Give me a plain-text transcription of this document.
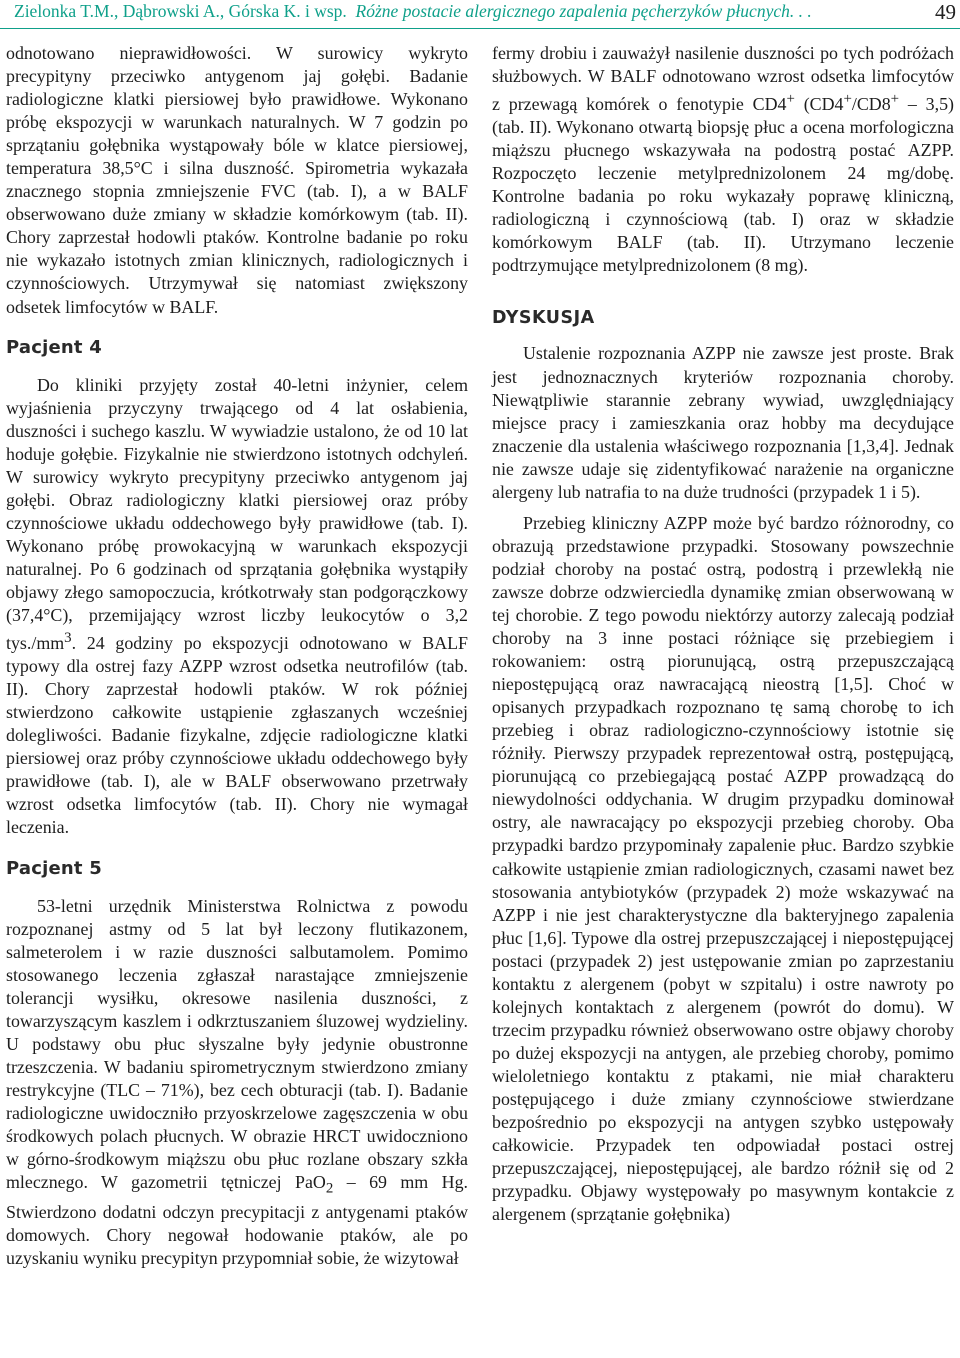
Zielonka T.M., Dąbrowski A., Górska K. i wsp. Różne postacie alergicznego zapalenia pęcherzyków płucnych. . .	49

odnotowano nieprawidłowości. W surowicy wykryto precypityny przeciwko antygenom jaj gołębi. Badanie radiologiczne klatki piersiowej było prawidłowe. Wykonano próbę ekspozycji w warunkach naturalnych. W 7 godzin po sprzątaniu gołębnika wystąpowały bóle w klatce piersiowej, temperatura 38,5°C i silna duszność. Spirometria wykazała znacznego stopnia zmniejszenie FVC (tab. I), a w BALF obserwowano duże zmiany w składzie komórkowym (tab. II). Chory zaprzestał hodowli ptaków. Kontrolne badanie po roku nie wykazało istotnych zmian klinicznych, radiologicznych i czynnościowych. Utrzymywał się natomiast zwiększony odsetek limfocytów w BALF.

Pacjent 4

Do kliniki przyjęty został 40-letni inżynier, celem wyjaśnienia przyczyny trwającego od 4 lat osłabienia, duszności i suchego kaszlu. W wywiadzie ustalono, że od 10 lat hoduje gołębie. Fizykalnie nie stwierdzono istotnych odchyleń. W surowicy wykryto precypityny przeciwko antygenom jaj gołębi. Obraz radiologiczny klatki piersiowej oraz próby czynnościowe układu oddechowego były prawidłowe (tab. I). Wykonano próbę prowokacyjną w warunkach ekspozycji naturalnej. Po 6 godzinach od sprzątania gołębnika wystąpiły objawy złego samopoczucia, krótkotrwały stan podgorączkowy (37,4°C), przemijający wzrost liczby leukocytów o 3,2 $tys./mm^3$. 24 godziny po ekspozycji odnotowano w BALF typowy dla ostrej fazy AZPP wzrost odsetka neutrofilów (tab. II). Chory zaprzestał hodowli ptaków. W rok później stwierdzono całkowite ustąpienie zgłaszanych wcześniej dolegliwości. Badanie fizykalne, zdjęcie radiologiczne klatki piersiowej oraz próby czynnościowe układu oddechowego były prawidłowe (tab. I), ale w BALF obserwowano przetrwały wzrost odsetka limfocytów (tab. II). Chory nie wymagał leczenia.

Pacjent 5

53-letni urzędnik Ministerstwa Rolnictwa z powodu rozpoznanej astmy od 5 lat był leczony flutikazonem, salmeterolem i w razie duszności salbutamolem. Pomimo stosowanego leczenia zgłaszał narastające zmniejszenie tolerancji wysiłku, okresowe nasilenia duszności, z towarzyszącym kaszlem i odkrztuszaniem śluzowej wydzieliny. U podstawy obu płuc słyszalne były jedynie obustronne trzeszczenia. W badaniu spirometrycznym stwierdzono zmiany restrykcyjne (TLC – 71%), bez cech obturacji (tab. I). Badanie radiologiczne uwidoczniło przyoskrzelowe zagęszczenia w obu środkowych polach płucnych. W obrazie HRCT uwidoczniono w górno-środkowym miąższu obu płuc rozlane obszary szkła mlecznego. W gazometrii tętniczej PaO$_2$ – 69 mm Hg. Stwierdzono dodatni odczyn precypitacji z antygenami ptaków domowych. Chory negował hodowanie ptaków, ale po uzyskaniu wyniku precypityn przypomniał sobie, że wizytował

fermy drobiu i zauważył nasilenie duszności po tych podróżach służbowych. W BALF odnotowano wzrost odsetka limfocytów z przewagą komórek o fenotypie CD4+ (CD4+/CD8+ – 3,5) (tab. II). Wykonano otwartą biopsję płuc a ocena morfologiczna miąższu płucnego wskazywała na podostrą postać AZPP. Rozpoczęto leczenie metylprednizolonem 24 mg/dobę. Kontrolne badania po roku wykazały poprawę kliniczną, radiologiczną i czynnościową (tab. I) oraz w składzie komórkowym BALF (tab. II). Utrzymano leczenie podtrzymujące metylprednizolonem (8 mg).

DYSKUSJA

Ustalenie rozpoznania AZPP nie zawsze jest proste. Brak jest jednoznacznych kryteriów rozpoznania choroby. Niewątpliwie starannie zebrany wywiad, uwzględniający miejsce pracy i zamieszkania oraz hobby ma decydujące znaczenie dla ustalenia właściwego rozpoznania [1,3,4]. Jednak nie zawsze udaje się zidentyfikować narażenie na organiczne alergeny lub natrafia to na duże trudności (przypadek 1 i 5).

Przebieg kliniczny AZPP może być bardzo różnorodny, co obrazują przedstawione przypadki. Stosowany powszechnie podział choroby na postać ostrą, podostrą i przewlekłą nie zawsze dobrze odzwierciedla dynamikę zmian obserwowaną w tej chorobie. Z tego powodu niektórzy autorzy zalecają podział choroby na 3 inne postaci różniące się przebiegiem i rokowaniem: ostrą piorunującą, ostrą przepuszczającą niepostępującą oraz nawracającą nieostrą [1,5]. Choć w opisanych przypadkach rozpoznano tę samą chorobę to ich przebieg i obraz radiologiczno-czynnościowy istotnie się różniły. Pierwszy przypadek reprezentował ostrą, postępującą, piorunującą co przebiegającą postać AZPP prowadzącą do niewydolności oddychania. W drugim przypadku dominował ostry, ale nawracający po ekspozycji przebieg choroby. Oba przypadki bardzo przypominały zapalenie płuc. Bardzo szybkie całkowite ustąpienie zmian radiologicznych, czasami nawet bez stosowania antybiotyków (przypadek 2) może wskazywać na AZPP i nie jest charakterystyczne dla bakteryjnego zapalenia płuc [1,6]. Typowe dla ostrej przepuszczającej i niepostępującej postaci (przypadek 2) jest ustępowanie zmian po zaprzestaniu kontaktu z alergenem (pobyt w szpitalu) i ostre nawroty po kolejnych kontaktach z alergenem (powrót do domu). W trzecim przypadku również obserwowano ostre objawy choroby po dużej ekspozycji na antygen, ale przebieg choroby, pomimo wieloletniego kontaktu z ptakami, nie miał charakteru postępującego i duże zmiany czynnościowe stwierdzane bezpośrednio po ekspozycji na antygen szybko ustępowały całkowicie. Przypadek ten odpowiadał postaci ostrej przepuszczającej, niepostępującej, ale bardzo różnił się od 2 przypadku. Objawy występowały po masywnym kontakcie z alergenem (sprzątanie gołębnika)
